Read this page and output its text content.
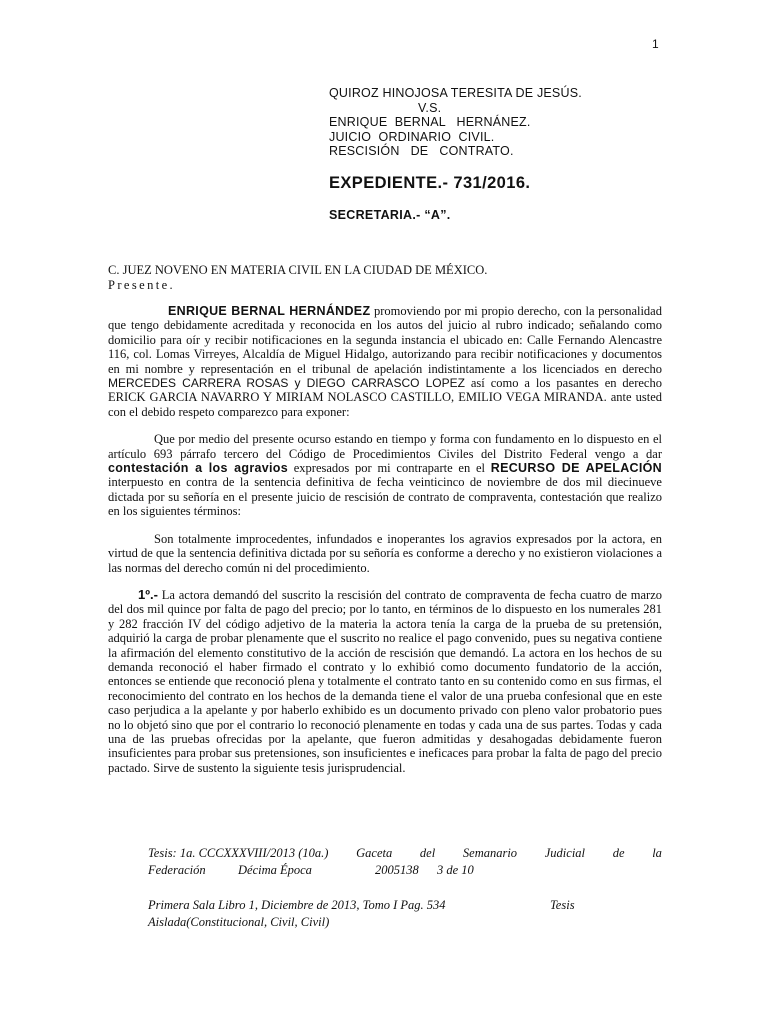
1
QUIROZ HINOJOSA TERESITA DE JESÚS.
V.S.
ENRIQUE  BERNAL   HERNÁNEZ.
JUICIO  ORDINARIO  CIVIL.
RESCISIÓN   DE   CONTRATO.
EXPEDIENTE.- 731/2016.
SECRETARIA.- “A”.
C. JUEZ NOVENO EN MATERIA CIVIL EN LA CIUDAD DE MÉXICO.
Presente.

ENRIQUE BERNAL HERNÁNDEZ promoviendo por mi propio derecho, con la personalidad que tengo debidamente acreditada y reconocida en los autos del juicio al rubro indicado; señalando como domicilio para oír y recibir notificaciones en la segunda instancia el ubicado en: Calle Fernando Alencastre 116, col. Lomas Virreyes, Alcaldía de Miguel Hidalgo, autorizando para recibir notificaciones y documentos en mi nombre y representación en el tribunal de apelación indistintamente a los licenciados en derecho MERCEDES CARRERA ROSAS y DIEGO CARRASCO LOPEZ así como a los pasantes en derecho ERICK GARCIA NAVARRO Y MIRIAM NOLASCO CASTILLO, EMILIO VEGA MIRANDA. ante usted con el debido respeto comparezco para exponer:

Que por medio del presente ocurso estando en tiempo y forma con fundamento en lo dispuesto en el artículo 693 párrafo tercero del Código de Procedimientos Civiles del Distrito Federal vengo a dar contestación a los agravios expresados por mi contraparte en el RECURSO DE APELACIÓN interpuesto en contra de la sentencia definitiva de fecha veinticinco de noviembre de dos mil diecinueve dictada por su señoría en el presente juicio de rescisión de contrato de compraventa, contestación que realizo en los siguientes términos:

Son totalmente improcedentes, infundados e inoperantes los agravios expresados por la actora, en virtud de que la sentencia definitiva dictada por su señoría es conforme a derecho y no existieron violaciones a las normas del derecho común ni del procedimiento.

1º.- La actora demandó del suscrito la rescisión del contrato de compraventa de fecha cuatro de marzo del dos mil quince por falta de pago del precio; por lo tanto, en términos de lo dispuesto en los numerales 281 y 282 fracción IV del código adjetivo de la materia la actora tenía la carga de la prueba de su pretensión, adquirió la carga de probar plenamente que el suscrito no realice el pago convenido, pues su negativa contiene la afirmación del elemento constitutivo de la acción de rescisión que demandó. La actora en los hechos de su demanda reconoció el haber firmado el contrato y lo exhibió como documento fundatorio de la acción, entonces se entiende que reconoció plena y totalmente el contrato tanto en su contenido como en sus firmas, el reconocimiento del contrato en los hechos de la demanda tiene el valor de una prueba confesional que en este caso perjudica a la apelante y por haberlo exhibido es un documento privado con pleno valor probatorio pues no lo objetó sino que por el contrario lo reconoció plenamente en todas y cada una de sus partes. Todas y cada una de las pruebas ofrecidas por la apelante, que fueron admitidas y desahogadas debidamente fueron insuficientes para probar sus pretensiones, son insuficientes e ineficaces para probar la falta de pago del precio pactado. Sirve de sustento la siguiente tesis jurisprudencial.

Tesis: 1a. CCCXXXVIII/2013 (10a.) Gaceta del Semanario Judicial de la
Federación	Décima Época	2005138	3 de 10
Primera Sala Libro 1, Diciembre de 2013, Tomo I Pag. 534	Tesis
Aislada(Constitucional, Civil, Civil)
